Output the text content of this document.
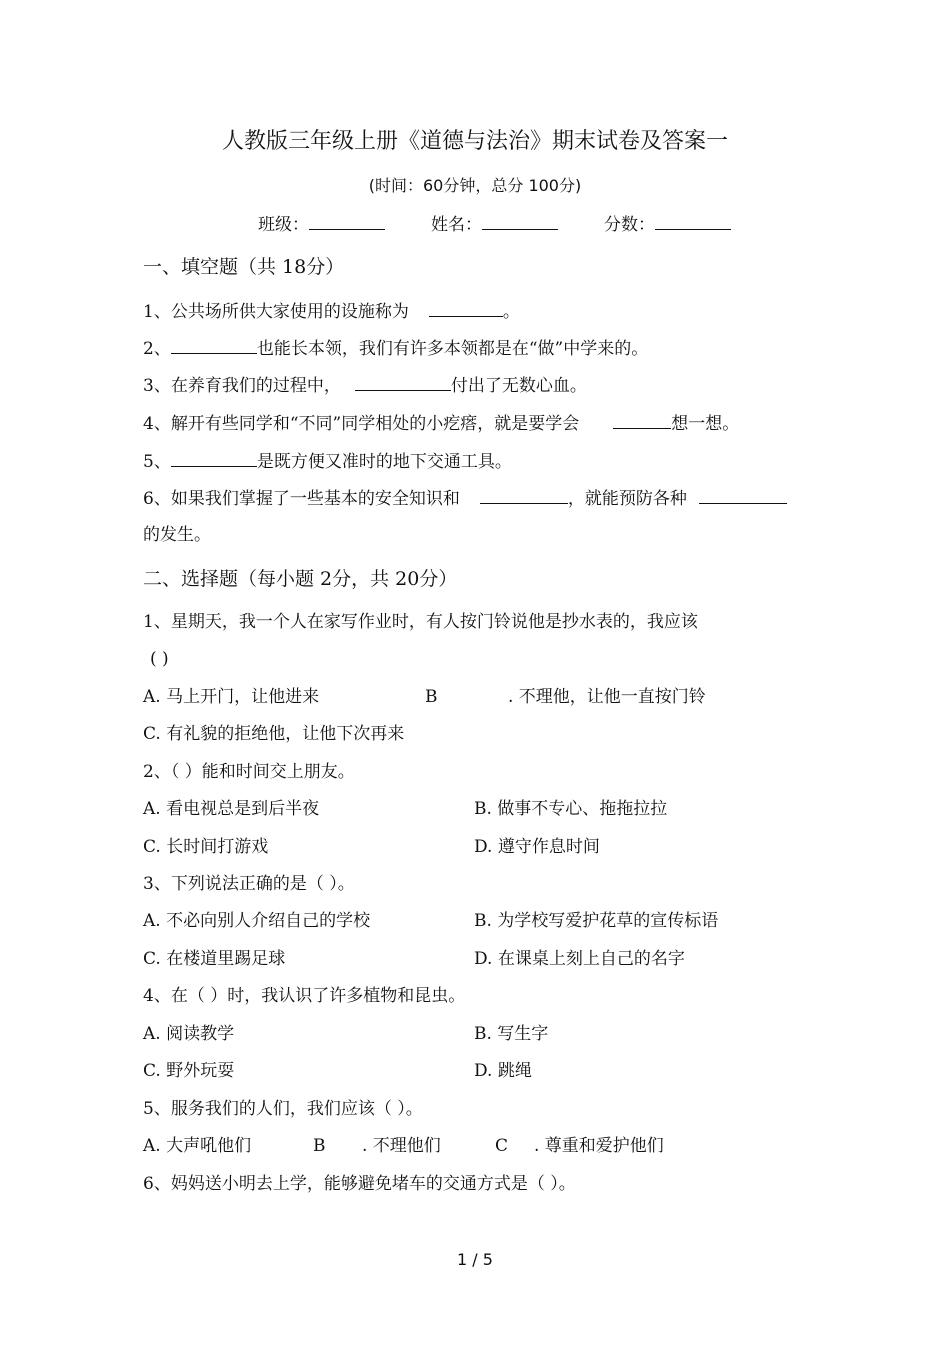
人教版三年级上册《道德与法治》期末试卷及答案一
(时间：60分钟，总分 100分)
班级：	姓名：	分数：
一、填空题（共 18分）
1、公共场所供大家使用的设施称为	。
2、	也能长本领，我们有许多本领都是在“做”中学来的。
3、在养育我们的过程中，	付出了无数心血。
4、解开有些同学和“不同”同学相处的小疙瘩，就是要学会	想一想。
5、	是既方便又准时的地下交通工具。
6、如果我们掌握了一些基本的安全知识和	，就能预防各种
的发生。
二、选择题（每小题 2分，共 20分）
1、星期天，我一个人在家写作业时，有人按门铃说他是抄水表的，我应该
( )
A. 马上开门，让他进来	B	. 不理他，让他一直按门铃
C. 有礼貌的拒绝他，让他下次再来
2、（ ）能和时间交上朋友。
A. 看电视总是到后半夜	B. 做事不专心、拖拖拉拉
C. 长时间打游戏	D. 遵守作息时间
3、下列说法正确的是（ ）。
A. 不必向别人介绍自己的学校	B. 为学校写爱护花草的宣传标语
C. 在楼道里踢足球	D. 在课桌上刻上自己的名字
4、在（ ）时，我认识了许多植物和昆虫。
A. 阅读教学	B. 写生字
C. 野外玩耍	D. 跳绳
5、服务我们的人们，我们应该（ ）。
A. 大声吼他们	B . 不理他们	C . 尊重和爱护他们
6、妈妈送小明去上学，能够避免堵车的交通方式是（ ）。
1 / 5
